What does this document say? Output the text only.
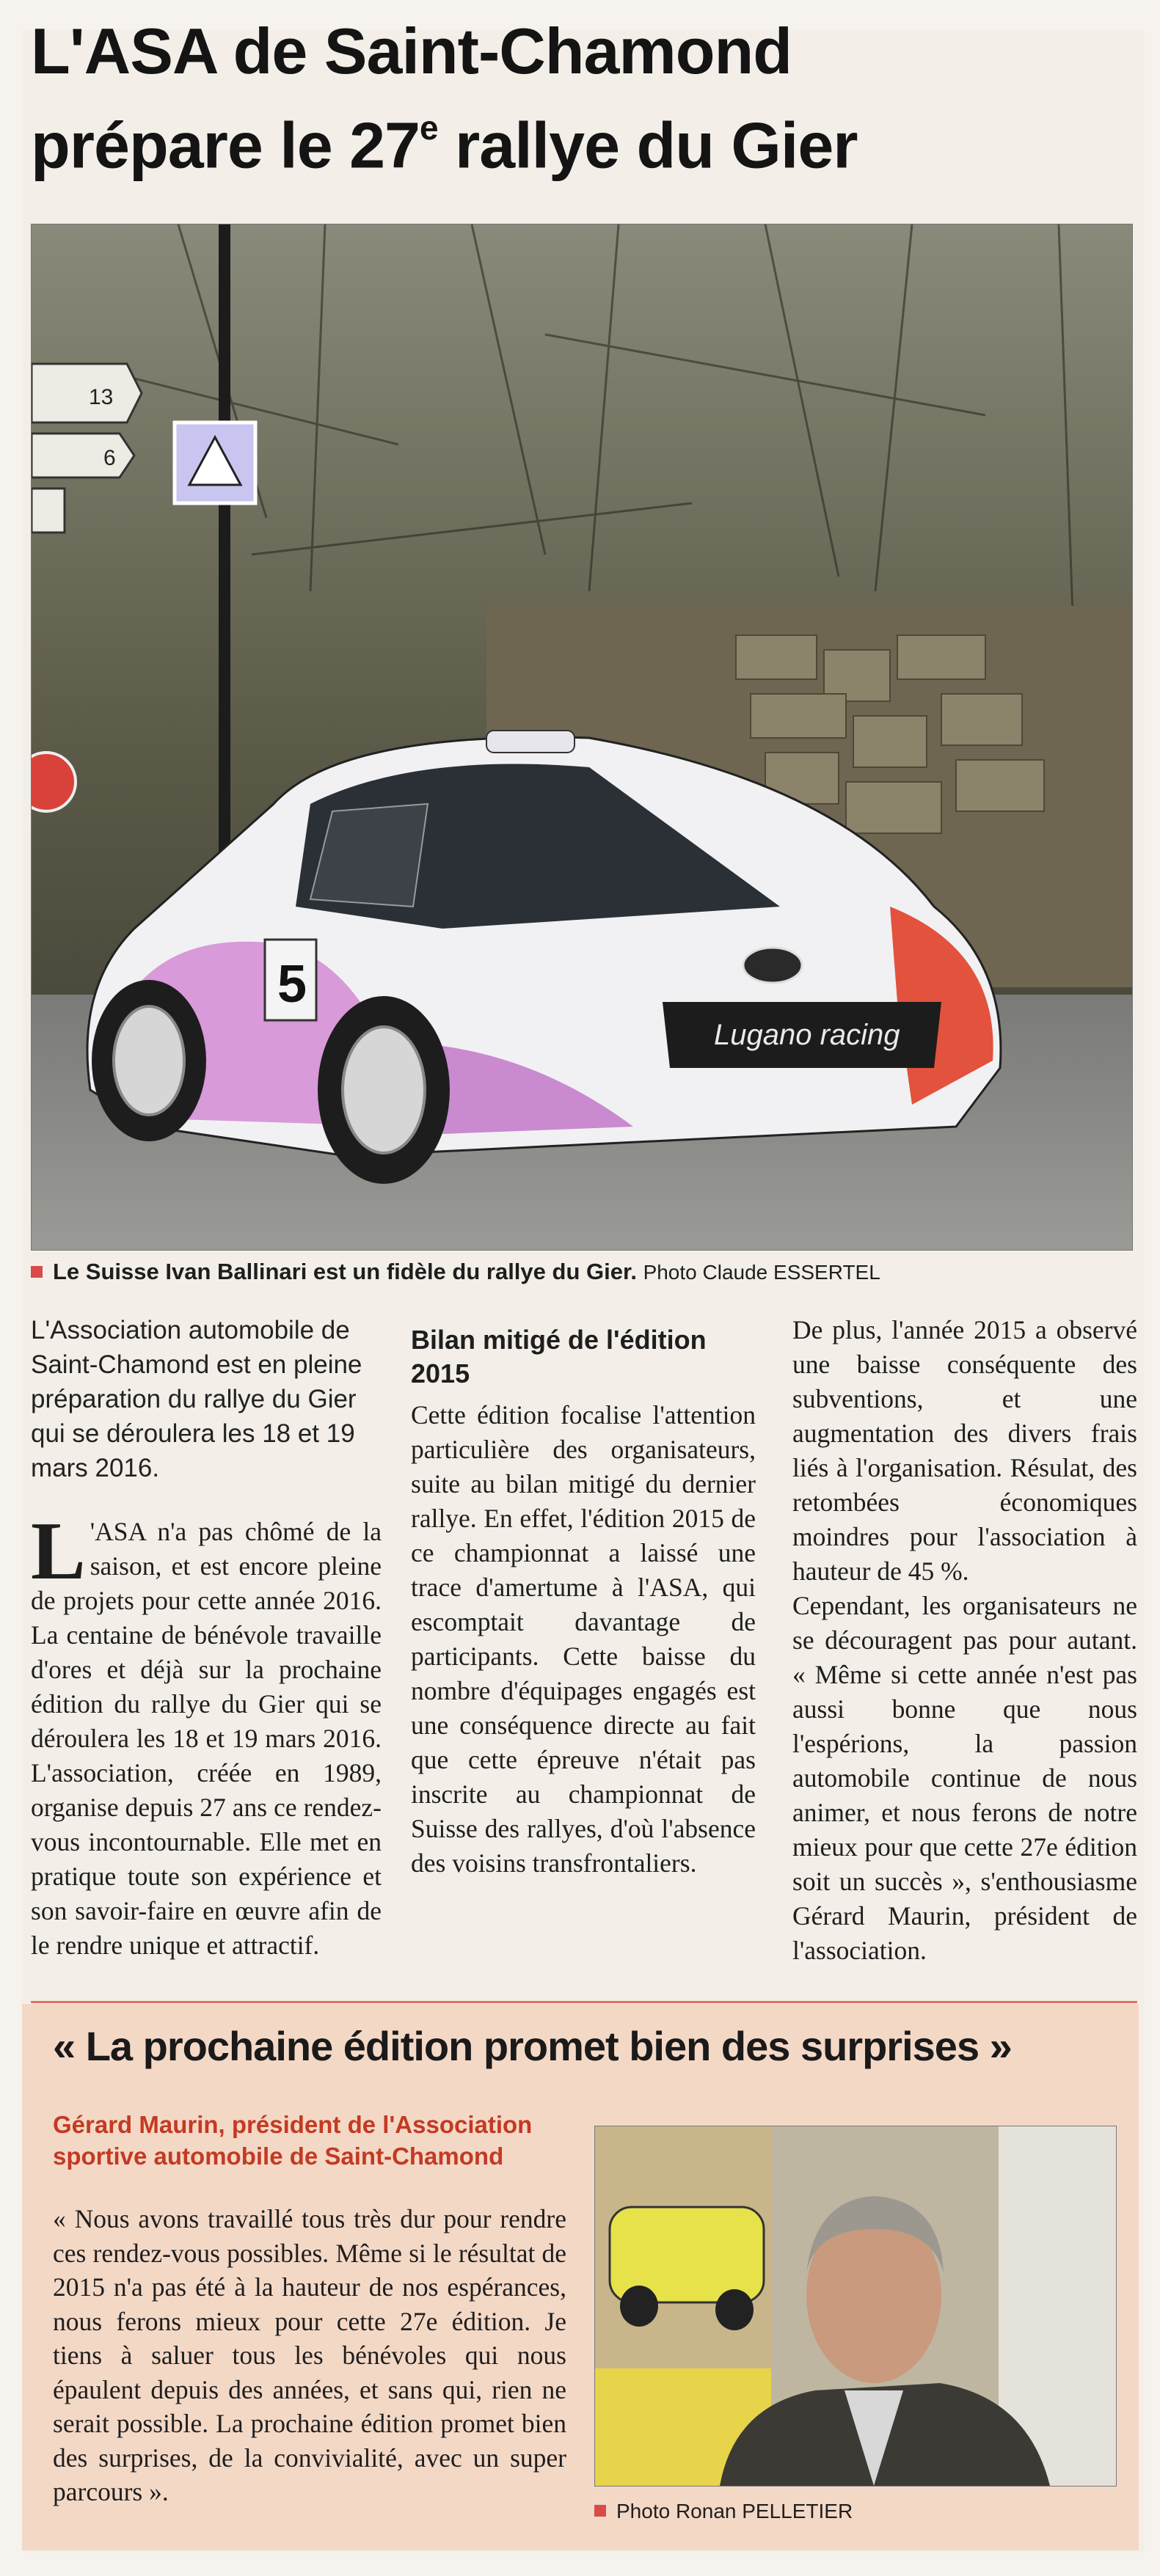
L'ASA de Saint-Chamond
prépare le 27e rallye du Gier
13
6
Lugano racing
5
Le Suisse Ivan Ballinari est un fidèle du rallye du Gier. Photo Claude ESSERTEL

L'Association automobile de Saint-Chamond est en pleine préparation du rallye du Gier qui se déroulera les 18 et 19 mars 2016.

L 'ASA n'a pas chômé de la saison, et est encore pleine de projets pour cette année 2016. La centaine de bénévole travaille d'ores et déjà sur la prochaine édition du rallye du Gier qui se déroulera les 18 et 19 mars 2016. L'association, créée en 1989, organise depuis 27 ans ce rendez-vous incontournable. Elle met en pratique toute son expérience et son savoir-faire en œuvre afin de le rendre unique et attractif.

Bilan mitigé de l'édition 2015

Cette édition focalise l'attention particulière des organisateurs, suite au bilan mitigé du dernier rallye. En effet, l'édition 2015 de ce championnat a laissé une trace d'amertume à l'ASA, qui escomptait davantage de participants. Cette baisse du nombre d'équipages engagés est une conséquence directe au fait que cette épreuve n'était pas inscrite au championnat de Suisse des rallyes, d'où l'absence des voisins transfrontaliers.

De plus, l'année 2015 a observé une baisse conséquente des subventions, et une augmentation des divers frais liés à l'organisation. Résulat, des retombées économiques moindres pour l'association à hauteur de 45 %.

Cependant, les organisateurs ne se découragent pas pour autant. « Même si cette année n'est pas aussi bonne que nous l'espérions, la passion automobile continue de nous animer, et nous ferons de notre mieux pour que cette 27e édition soit un succès », s'enthousiasme Gérard Maurin, président de l'association.

« La prochaine édition promet bien des surprises »

Gérard Maurin, président de l'Association sportive automobile de Saint-Chamond

« Nous avons travaillé tous très dur pour rendre ces rendez-vous possibles. Même si le résultat de 2015 n'a pas été à la hauteur de nos espérances, nous ferons mieux pour cette 27e édition. Je tiens à saluer tous les bénévoles qui nous épaulent depuis des années, et sans qui, rien ne serait possible. La prochaine édition promet bien des surprises, de la convivialité, avec un super parcours ».

Photo Ronan PELLETIER
